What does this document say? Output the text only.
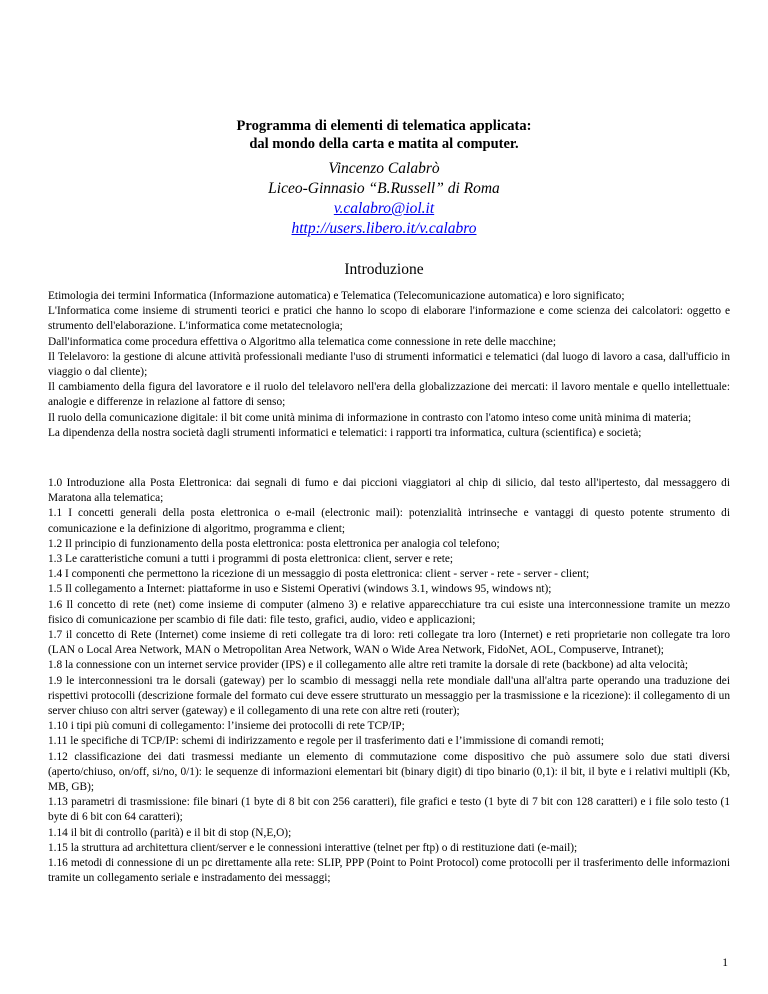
Programma di elementi di telematica applicata:
dal mondo della carta e matita al computer.
Vincenzo Calabrò
Liceo-Ginnasio “B.Russell” di Roma
v.calabro@iol.it
http://users.libero.it/v.calabro
Introduzione

Etimologia dei termini Informatica (Informazione automatica) e Telematica (Telecomunicazione automatica) e loro significato;

L'Informatica come insieme di strumenti teorici e pratici che hanno lo scopo di elaborare l'informazione e come scienza dei calcolatori: oggetto e strumento dell'elaborazione. L'informatica come metatecnologia;

Dall'informatica come procedura effettiva o Algoritmo alla telematica come connessione in rete delle macchine;

Il Telelavoro: la gestione di alcune attività professionali mediante l'uso di strumenti informatici e telematici (dal luogo di lavoro a casa, dall'ufficio in viaggio o dal cliente);

Il cambiamento della figura del lavoratore e il ruolo del telelavoro nell'era della globalizzazione dei mercati: il lavoro mentale e quello intellettuale: analogie e differenze in relazione al fattore di senso;

Il ruolo della comunicazione digitale: il bit come unità minima di informazione in contrasto con l'atomo inteso come unità minima di materia;

La dipendenza della nostra società dagli strumenti informatici e telematici: i rapporti tra informatica, cultura (scientifica) e società;

1.0 Introduzione alla Posta Elettronica: dai segnali di fumo e dai piccioni viaggiatori al chip di silicio, dal testo all'ipertesto, dal messaggero di Maratona alla telematica;

1.1 I concetti generali della posta elettronica o e-mail (electronic mail): potenzialità intrinseche e vantaggi di questo potente strumento di comunicazione e la definizione di algoritmo, programma e client;

1.2 Il principio di funzionamento della posta elettronica: posta elettronica per analogia col telefono;

1.3 Le caratteristiche comuni a tutti i programmi di posta elettronica: client, server e rete;

1.4 I componenti che permettono la ricezione di un messaggio di posta elettronica: client - server - rete - server - client;

1.5 Il collegamento a Internet: piattaforme in uso e Sistemi Operativi (windows 3.1, windows 95, windows nt);

1.6 Il concetto di rete (net) come insieme di computer (almeno 3) e relative apparecchiature tra cui esiste una interconnessione tramite un mezzo fisico di comunicazione per scambio di file dati: file testo, grafici, audio, video e applicazioni;

1.7 il concetto di Rete (Internet) come insieme di reti collegate tra di loro: reti collegate tra loro (Internet) e reti proprietarie non collegate tra loro (LAN o Local Area Network, MAN o Metropolitan Area Network, WAN o Wide Area Network, FidoNet, AOL, Compuserve, Intranet);

1.8 la connessione con un internet service provider (IPS) e il collegamento alle altre reti tramite la dorsale di rete (backbone) ad alta velocità;

1.9 le interconnessioni tra le dorsali (gateway) per lo scambio di messaggi nella rete mondiale dall'una all'altra parte operando una traduzione dei rispettivi protocolli (descrizione formale del formato cui deve essere strutturato un messaggio per la trasmissione e la ricezione): il collegamento di un server chiuso con altri server (gateway) e il collegamento di una rete con altre reti (router);

1.10 i tipi più comuni di collegamento: l’insieme dei protocolli di rete TCP/IP;

1.11 le specifiche di TCP/IP: schemi di indirizzamento e regole per il trasferimento dati e l’immissione di comandi remoti;

1.12 classificazione dei dati trasmessi mediante un elemento di commutazione come dispositivo che può assumere solo due stati diversi (aperto/chiuso, on/off, si/no, 0/1): le sequenze di informazioni elementari bit (binary digit) di tipo binario (0,1): il bit, il byte e i relativi multipli (Kb, MB, GB);

1.13 parametri di trasmissione: file binari (1 byte di 8 bit con 256 caratteri), file grafici e testo (1 byte di 7 bit con 128 caratteri) e i file solo testo (1 byte di 6 bit con 64 caratteri);

1.14 il bit di controllo (parità) e il bit di stop (N,E,O);

1.15 la struttura ad architettura client/server e le connessioni interattive (telnet per ftp) o di restituzione dati (e-mail);

1.16 metodi di connessione di un pc direttamente alla rete: SLIP, PPP (Point to Point Protocol) come protocolli per il trasferimento delle informazioni tramite un collegamento seriale e instradamento dei messaggi;

1
